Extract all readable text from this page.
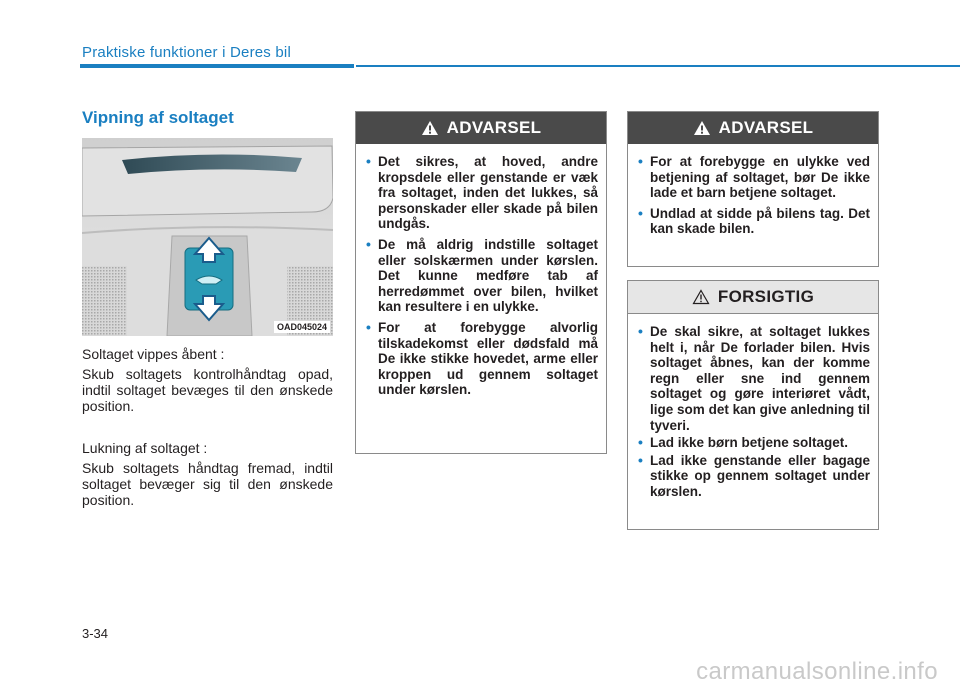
Praktiske funktioner i Deres bil
Vipning af soltaget
OAD045024

Soltaget vippes åbent :

Skub soltagets kontrolhåndtag opad, indtil soltaget bevæges til den ønskede position.

Lukning af soltaget :

Skub soltagets håndtag fremad, indtil soltaget bevæger sig til den ønskede position.

ADVARSEL
• Det sikres, at hoved, andre kropsdele eller genstande er væk fra soltaget, inden det lukkes, så personskader eller skade på bilen undgås.
• De må aldrig indstille soltaget eller solskærmen under kørslen. Det kunne medføre tab af herredømmet over bilen, hvilket kan resultere i en ulykke.
• For at forebygge alvorlig tilskadekomst eller dødsfald må De ikke stikke hovedet, arme eller kroppen ud gennem soltaget under kørslen.
ADVARSEL
• For at forebygge en ulykke ved betjening af soltaget, bør De ikke lade et barn betjene soltaget.
• Undlad at sidde på bilens tag. Det kan skade bilen.
FORSIGTIG
• De skal sikre, at soltaget lukkes helt i, når De forlader bilen. Hvis soltaget åbnes, kan der komme regn eller sne ind gennem soltaget og gøre interiøret vådt, lige som det kan give anledning til tyveri.
• Lad ikke børn betjene soltaget.
• Lad ikke genstande eller bagage stikke op gennem soltaget under kørslen.
3-34
carmanualsonline.info
